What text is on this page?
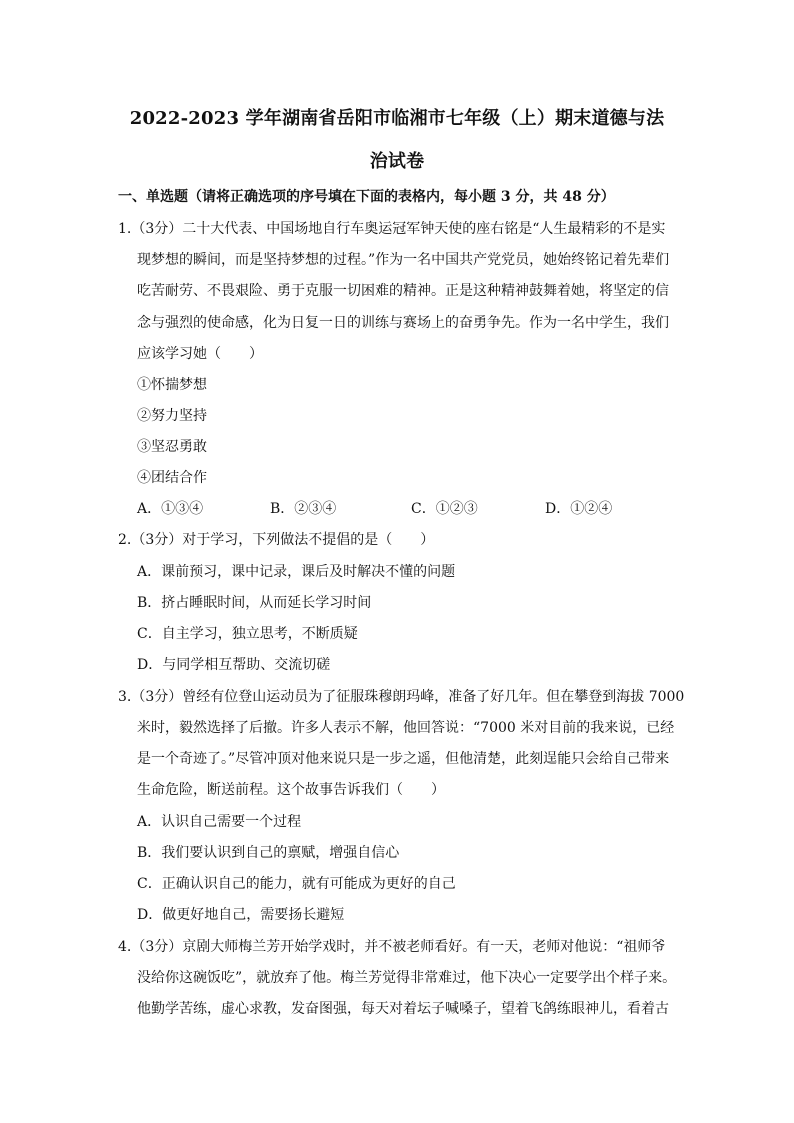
2022-2023 学年湖南省岳阳市临湘市七年级（上）期末道德与法
治试卷
一、单选题（请将正确选项的序号填在下面的表格内，每小题 3 分，共 48 分）
1.（3分）二十大代表、中国场地自行车奥运冠军钟天使的座右铭是“人生最精彩的不是实
现梦想的瞬间，而是坚持梦想的过程。”作为一名中国共产党党员，她始终铭记着先辈们
吃苦耐劳、不畏艰险、勇于克服一切困难的精神。正是这种精神鼓舞着她，将坚定的信
念与强烈的使命感，化为日复一日的训练与赛场上的奋勇争先。作为一名中学生，我们
应该学习她（　　）
①怀揣梦想
②努力坚持
③坚忍勇敢
④团结合作
A．①③④	B．②③④	C．①②③	D．①②④
2.（3分）对于学习，下列做法不提倡的是（　　）
A．课前预习，课中记录，课后及时解决不懂的问题
B．挤占睡眠时间，从而延长学习时间
C．自主学习，独立思考，不断质疑
D．与同学相互帮助、交流切磋
3.（3分）曾经有位登山运动员为了征服珠穆朗玛峰，准备了好几年。但在攀登到海拔 7000
米时，毅然选择了后撤。许多人表示不解，他回答说：“7000 米对目前的我来说，已经
是一个奇迹了。”尽管冲顶对他来说只是一步之遥，但他清楚，此刻逞能只会给自己带来
生命危险，断送前程。这个故事告诉我们（　　）
A．认识自己需要一个过程
B．我们要认识到自己的禀赋，增强自信心
C．正确认识自己的能力，就有可能成为更好的自己
D．做更好地自己，需要扬长避短
4.（3分）京剧大师梅兰芳开始学戏时，并不被老师看好。有一天，老师对他说：“祖师爷
没给你这碗饭吃”，就放弃了他。梅兰芳觉得非常难过，他下决心一定要学出个样子来。
他勤学苦练，虚心求教，发奋图强，每天对着坛子喊嗓子，望着飞鸽练眼神儿，看着古
